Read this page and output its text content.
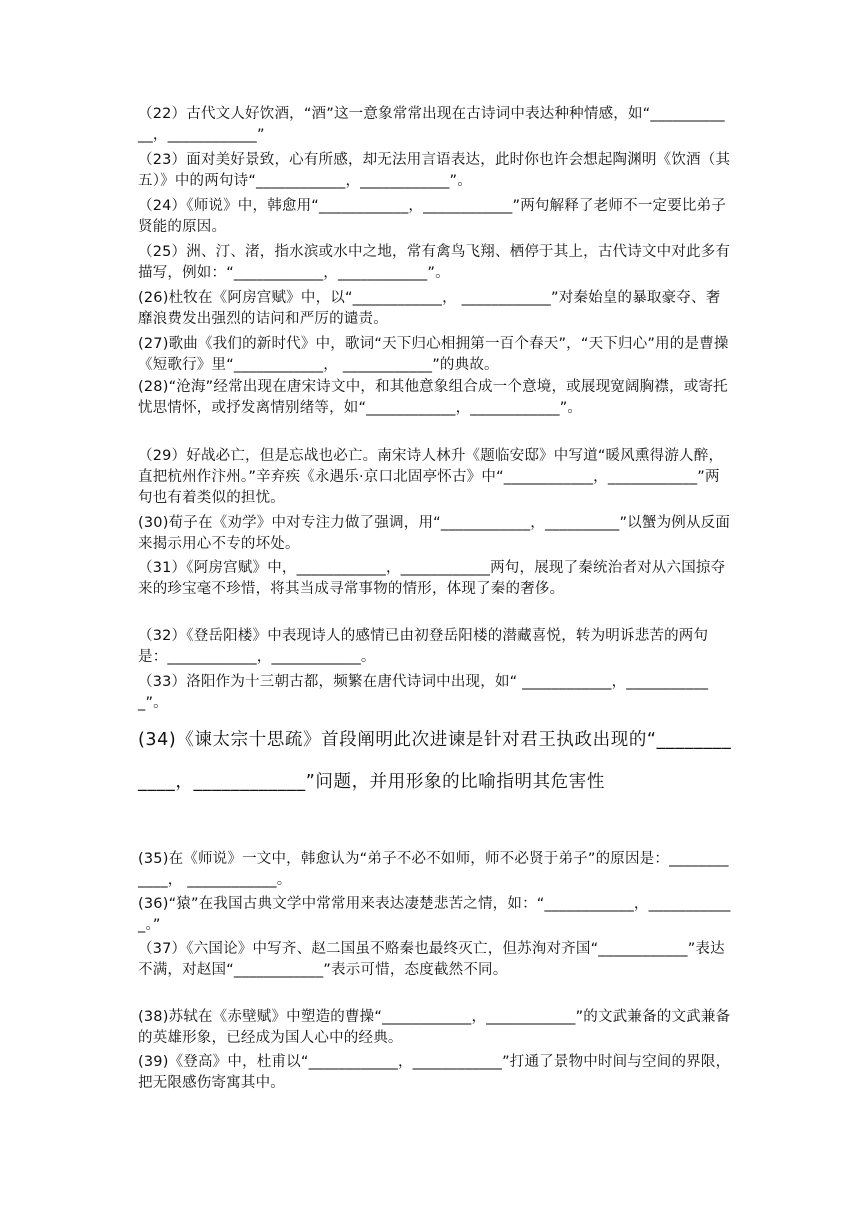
（22）古代文人好饮酒，“酒”这一意象常常出现在古诗词中表达种种情感，如“____________，____________”
（23）面对美好景致，心有所感，却无法用言语表达，此时你也许会想起陶渊明《饮酒（其五）》中的两句诗“____________，____________”。
（24）《师说》中，韩愈用“____________，____________”两句解释了老师不一定要比弟子贤能的原因。
（25）洲、汀、渚，指水滨或水中之地，常有禽鸟飞翔、栖停于其上，古代诗文中对此多有描写，例如：“____________，____________”。
(26)杜牧在《阿房宫赋》中，以“____________， ____________”对秦始皇的暴取豪夺、奢靡浪费发出强烈的诘问和严厉的谴责。
(27)歌曲《我们的新时代》中，歌词“天下归心相拥第一百个春天”，“天下归心”用的是曹操《短歌行》里“____________， ____________”的典故。
(28)“沧海”经常出现在唐宋诗文中，和其他意象组合成一个意境，或展现宽阔胸襟，或寄托忧思情怀，或抒发离情别绪等，如“____________，____________”。
（29）好战必亡，但是忘战也必亡。南宋诗人林升《题临安邸》中写道“暖风熏得游人醉，直把杭州作汴州。”辛弃疾《永遇乐·京口北固亭怀古》中“____________，____________”两句也有着类似的担忧。
(30)荀子在《劝学》中对专注力做了强调，用“____________，__________”以蟹为例从反面来揭示用心不专的坏处。
（31）《阿房宫赋》中，____________，____________两句，展现了秦统治者对从六国掠夺来的珍宝毫不珍惜，将其当成寻常事物的情形，体现了秦的奢侈。
（32）《登岳阳楼》中表现诗人的感情已由初登岳阳楼的潜藏喜悦，转为明诉悲苦的两句是：____________，____________。
（33）洛阳作为十三朝古都，频繁在唐代诗词中出现，如“ ____________，____________”。
(34)《谏太宗十思疏》首段阐明此次进谏是针对君王执政出现的“____________，____________”问题，并用形象的比喻指明其危害性
(35)在《师说》一文中，韩愈认为“弟子不必不如师，师不必贤于弟子”的原因是：____________， ____________。
(36)“猿”在我国古典文学中常常用来表达凄楚悲苦之情，如：“____________，____________。”
（37）《六国论》中写齐、赵二国虽不赂秦也最终灭亡，但苏洵对齐国“____________”表达不满，对赵国“____________”表示可惜，态度截然不同。
(38)苏轼在《赤壁赋》中塑造的曹操“____________，____________”的文武兼备的文武兼备的英雄形象，已经成为国人心中的经典。
(39)《登高》中，杜甫以“____________，____________”打通了景物中时间与空间的界限，把无限感伤寄寓其中。
